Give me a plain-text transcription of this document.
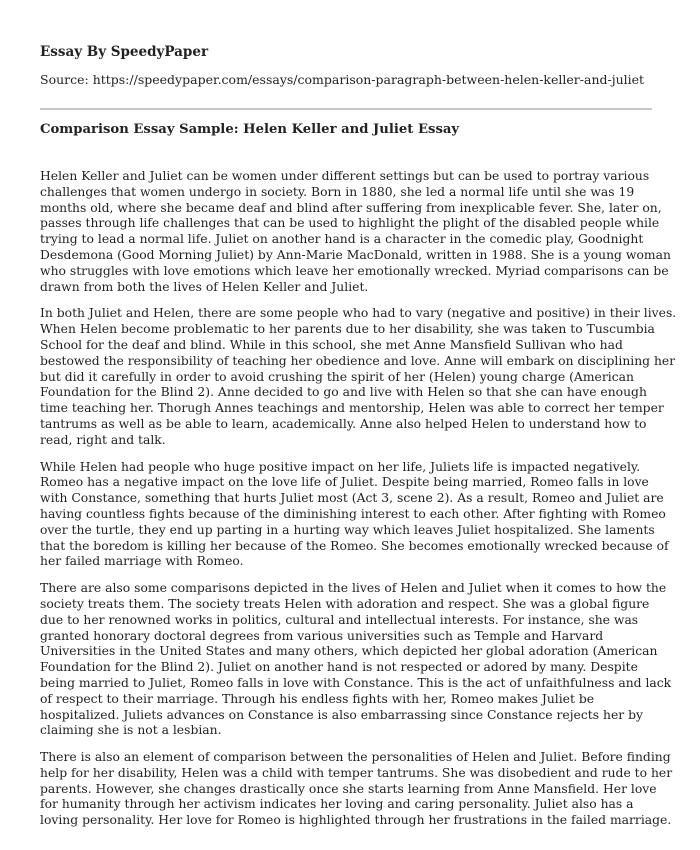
Essay By SpeedyPaper
Source: https://speedypaper.com/essays/comparison-paragraph-between-helen-keller-and-juliet
Comparison Essay Sample: Helen Keller and Juliet Essay

Helen Keller and Juliet can be women under different settings but can be used to portray various
challenges that women undergo in society. Born in 1880, she led a normal life until she was 19
months old, where she became deaf and blind after suffering from inexplicable fever. She, later on,
passes through life challenges that can be used to highlight the plight of the disabled people while
trying to lead a normal life. Juliet on another hand is a character in the comedic play, Goodnight
Desdemona (Good Morning Juliet) by Ann-Marie MacDonald, written in 1988. She is a young woman
who struggles with love emotions which leave her emotionally wrecked. Myriad comparisons can be
drawn from both the lives of Helen Keller and Juliet.

In both Juliet and Helen, there are some people who had to vary (negative and positive) in their lives.
When Helen become problematic to her parents due to her disability, she was taken to Tuscumbia
School for the deaf and blind. While in this school, she met Anne Mansfield Sullivan who had
bestowed the responsibility of teaching her obedience and love. Anne will embark on disciplining her
but did it carefully in order to avoid crushing the spirit of her (Helen) young charge (American
Foundation for the Blind 2). Anne decided to go and live with Helen so that she can have enough
time teaching her. Thorugh Annes teachings and mentorship, Helen was able to correct her temper
tantrums as well as be able to learn, academically. Anne also helped Helen to understand how to
read, right and talk.

While Helen had people who huge positive impact on her life, Juliets life is impacted negatively.
Romeo has a negative impact on the love life of Juliet. Despite being married, Romeo falls in love
with Constance, something that hurts Juliet most (Act 3, scene 2). As a result, Romeo and Juliet are
having countless fights because of the diminishing interest to each other. After fighting with Romeo
over the turtle, they end up parting in a hurting way which leaves Juliet hospitalized. She laments
that the boredom is killing her because of the Romeo. She becomes emotionally wrecked because of
her failed marriage with Romeo.

There are also some comparisons depicted in the lives of Helen and Juliet when it comes to how the
society treats them. The society treats Helen with adoration and respect. She was a global figure
due to her renowned works in politics, cultural and intellectual interests. For instance, she was
granted honorary doctoral degrees from various universities such as Temple and Harvard
Universities in the United States and many others, which depicted her global adoration (American
Foundation for the Blind 2). Juliet on another hand is not respected or adored by many. Despite
being married to Juliet, Romeo falls in love with Constance. This is the act of unfaithfulness and lack
of respect to their marriage. Through his endless fights with her, Romeo makes Juliet be
hospitalized. Juliets advances on Constance is also embarrassing since Constance rejects her by
claiming she is not a lesbian.

There is also an element of comparison between the personalities of Helen and Juliet. Before finding
help for her disability, Helen was a child with temper tantrums. She was disobedient and rude to her
parents. However, she changes drastically once she starts learning from Anne Mansfield. Her love
for humanity through her activism indicates her loving and caring personality. Juliet also has a
loving personality. Her love for Romeo is highlighted through her frustrations in the failed marriage.
